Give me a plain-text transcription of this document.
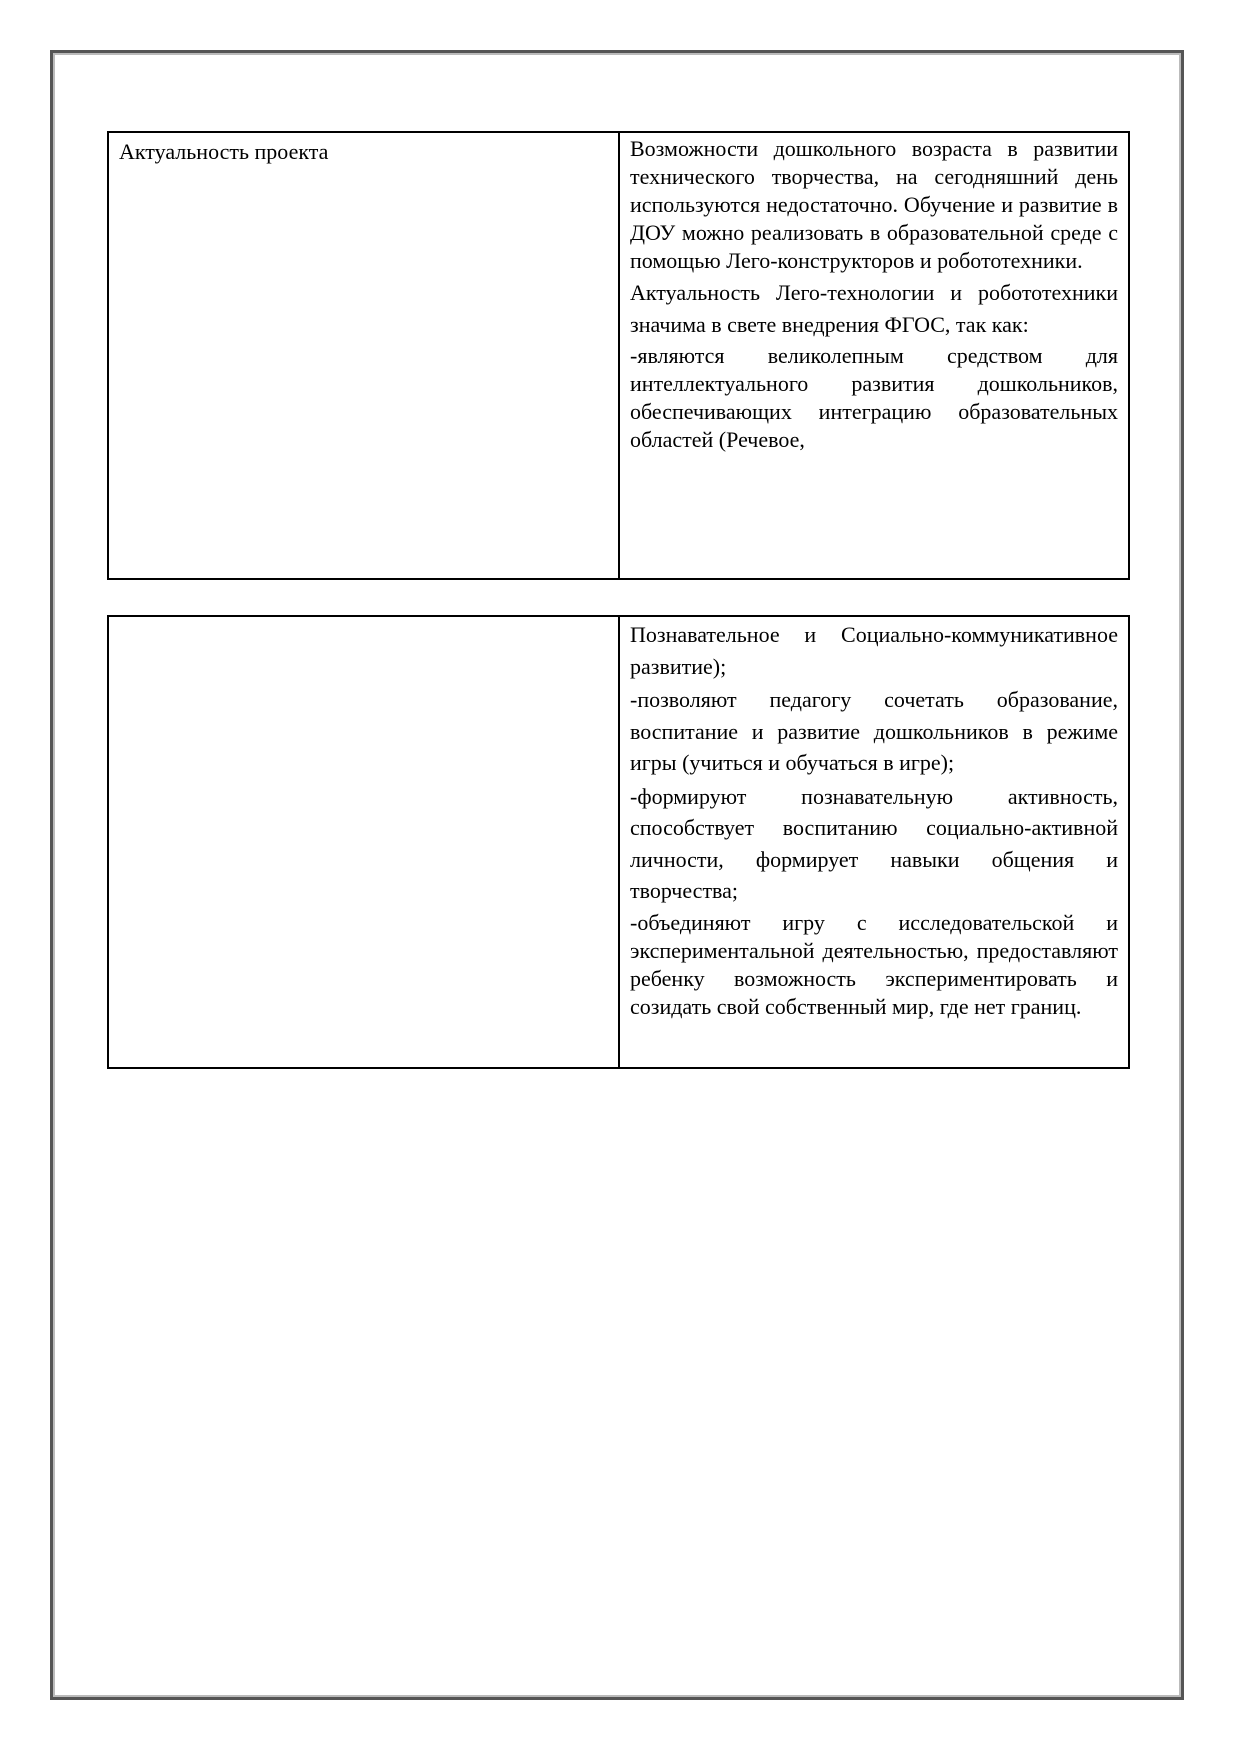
Актуальность проекта	Возможности дошкольного возраста в развитии технического творчества, на сегодняшний день используются недостаточно. Обучение и развитие в ДОУ можно реализовать в образовательной среде с помощью Лего-конструкторов и робототехники.

Актуальность Лего-технологии и робототехники значима в свете внедрения ФГОС, так как:

-являются великолепным средством для интеллектуального развития дошкольников, обеспечивающих интеграцию образовательных областей (Речевое,

Познавательное и Социально-коммуникативное развитие);

-позволяют педагогу сочетать образование, воспитание и развитие дошкольников в режиме игры (учиться и обучаться в игре);

-формируют познавательную активность, способствует воспитанию социально-активной личности, формирует навыки общения и творчества;

-объединяют игру с исследовательской и экспериментальной деятельностью, предоставляют ребенку возможность экспериментировать и созидать свой собственный мир, где нет границ.
